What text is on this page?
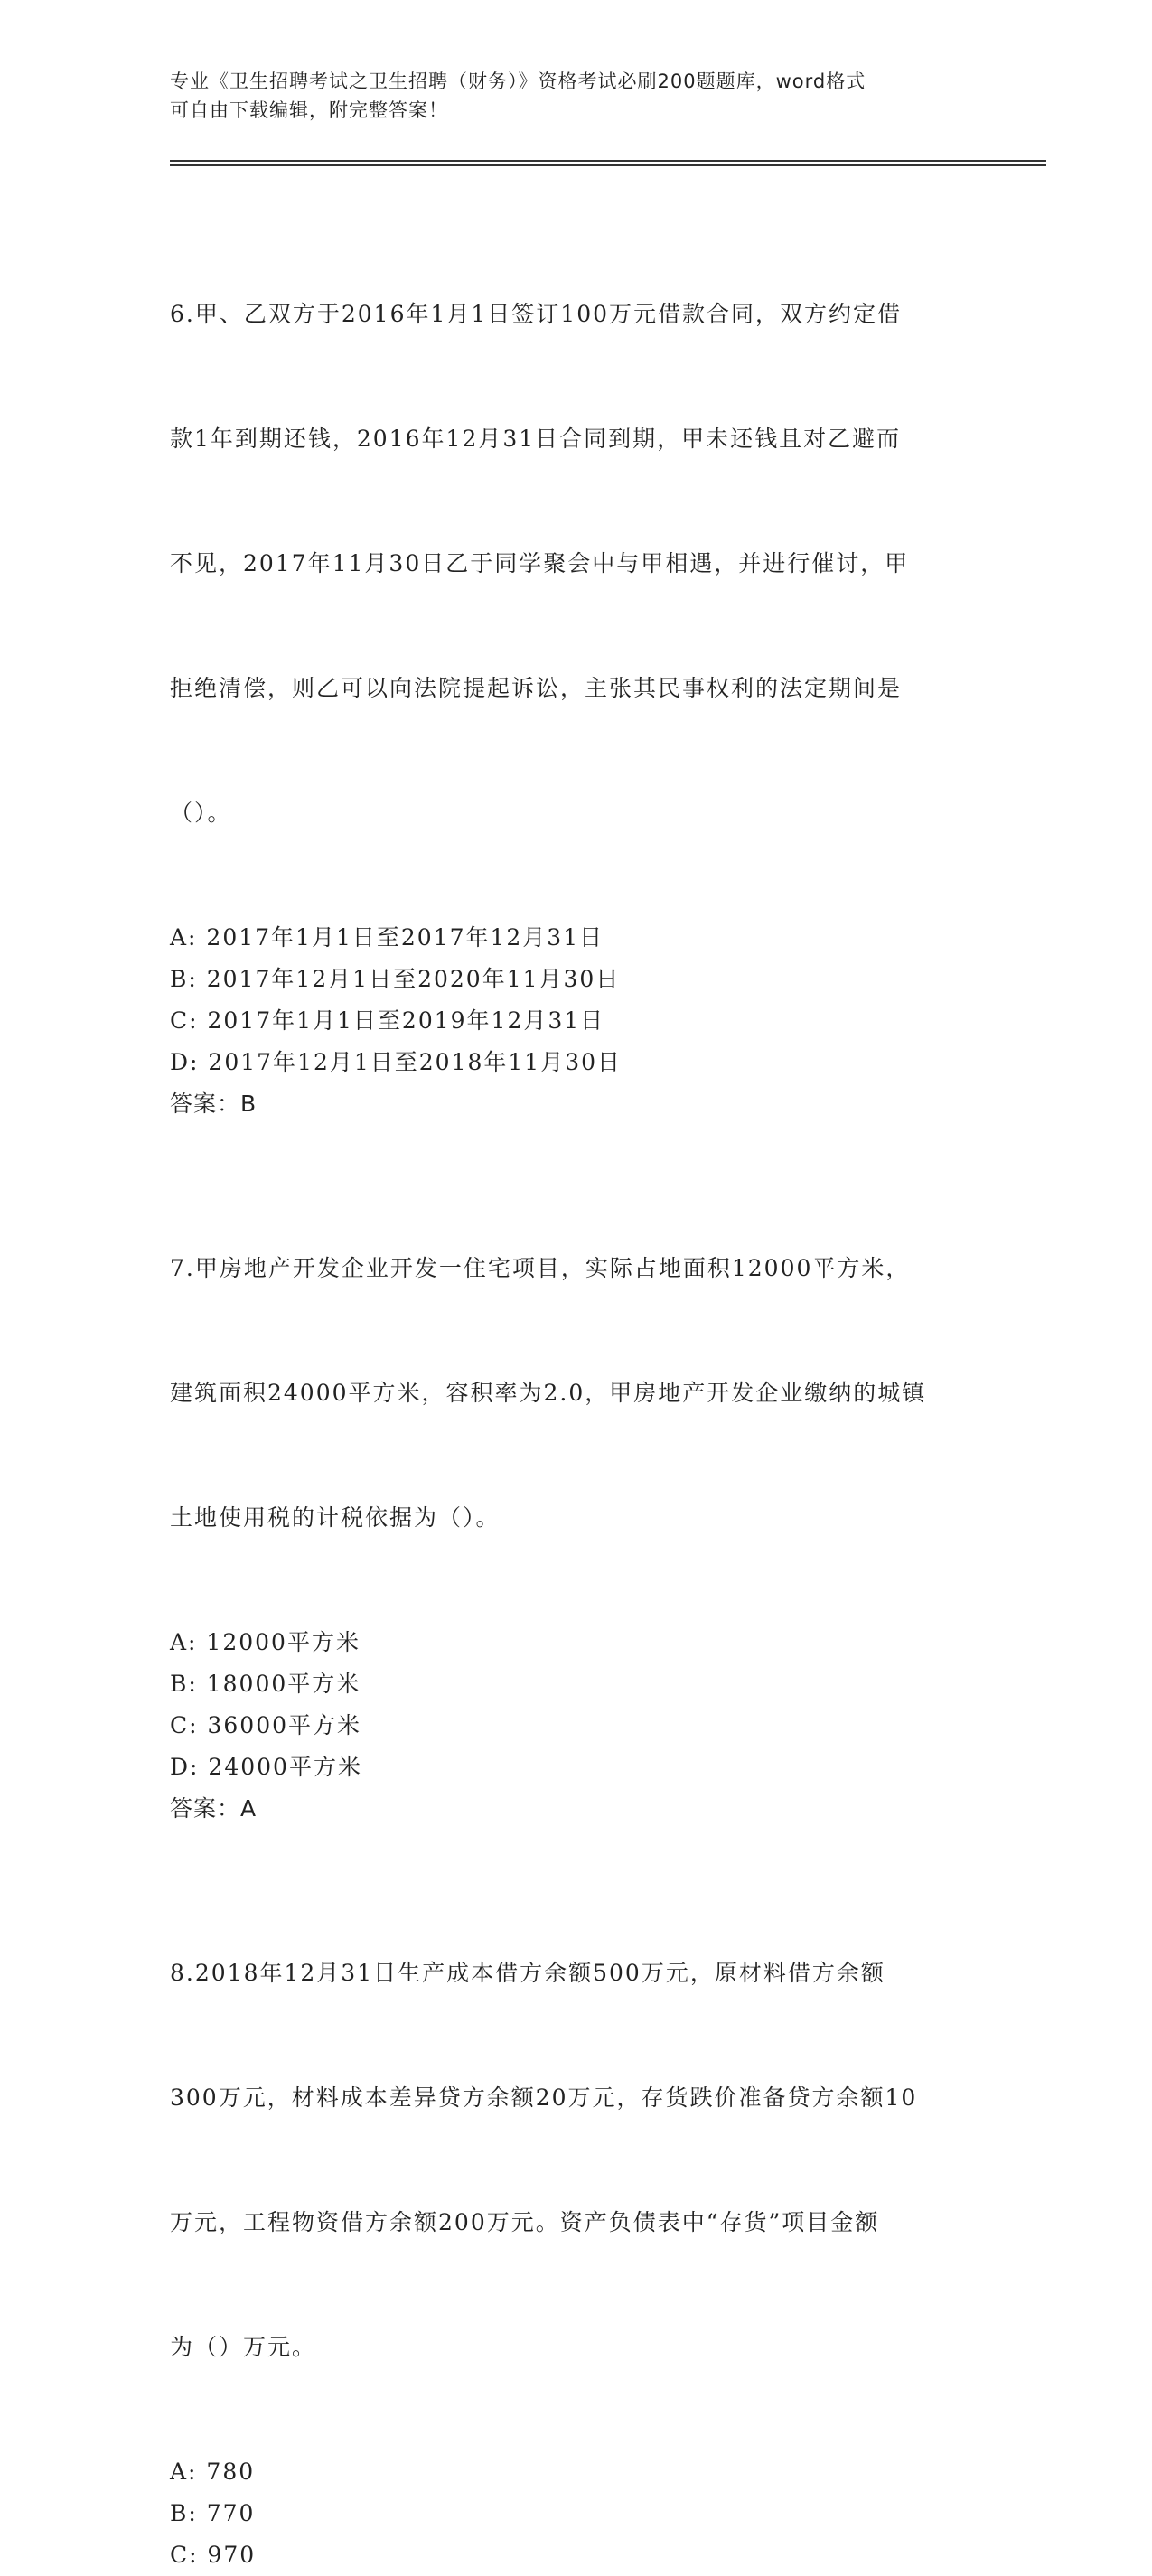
专业《卫生招聘考试之卫生招聘（财务）》资格考试必刷200题题库，word格式
可自由下载编辑，附完整答案！

6.甲、乙双方于2016年1月1日签订100万元借款合同，双方约定借

款1年到期还钱，2016年12月31日合同到期，甲未还钱且对乙避而

不见，2017年11月30日乙于同学聚会中与甲相遇，并进行催讨，甲

拒绝清偿，则乙可以向法院提起诉讼，主张其民事权利的法定期间是

（）。

A: 2017年1月1日至2017年12月31日
B: 2017年12月1日至2020年11月30日
C: 2017年1月1日至2019年12月31日
D: 2017年12月1日至2018年11月30日
答案：B

7.甲房地产开发企业开发一住宅项目，实际占地面积12000平方米，

建筑面积24000平方米，容积率为2.0，甲房地产开发企业缴纳的城镇

土地使用税的计税依据为（）。

A: 12000平方米
B: 18000平方米
C: 36000平方米
D: 24000平方米
答案：A

8.2018年12月31日生产成本借方余额500万元，原材料借方余额

300万元，材料成本差异贷方余额20万元，存货跌价准备贷方余额10

万元，工程物资借方余额200万元。资产负债表中“存货”项目金额

为（）万元。

A: 780
B: 770
C: 970
